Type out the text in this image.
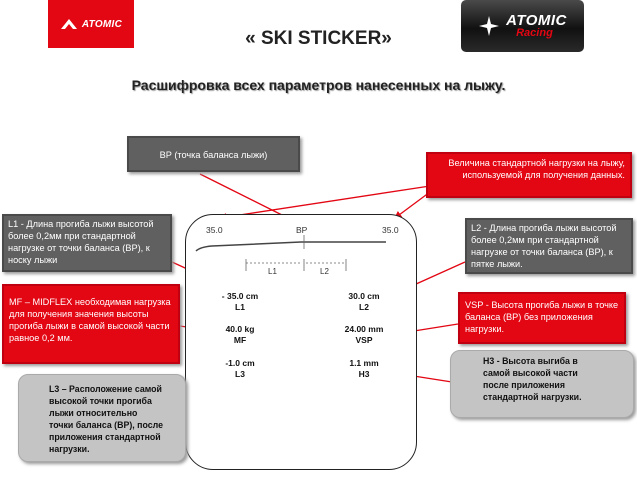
ATOMIC	ATOMIC
Racing
« SKI STICKER»
Расшифровка всех параметров нанесенных на лыжу.
35.0	BP	35.0
L1	L2
- 35.0 cm
L1
30.0 cm
L2
40.0 kg
MF
24.00 mm
VSP
-1.0 cm
L3
1.1 mm
H3
BP (точка баланса лыжи)
Величина стандартной нагрузки на лыжу, используемой для получения данных.
L1 - Длина прогиба лыжи высотой более 0,2мм при стандартной нагрузке от точки баланса (BP), к носку лыжи
L2 - Длина прогиба лыжи высотой более 0,2мм при стандартной нагрузке от точки баланса (BP), к пятке лыжи.
MF – MIDFLEX необходимая нагрузка для получения значения высоты прогиба лыжи в самой высокой части равное 0,2 мм.
VSP - Высота прогиба лыжи в точке баланса (BP) без приложения нагрузки.
H3 - Высота выгиба в самой высокой части после приложения стандартной нагрузки.
L3 – Расположение самой высокой точки прогиба лыжи относительно точки баланса (BP), после приложения стандартной нагрузки.
